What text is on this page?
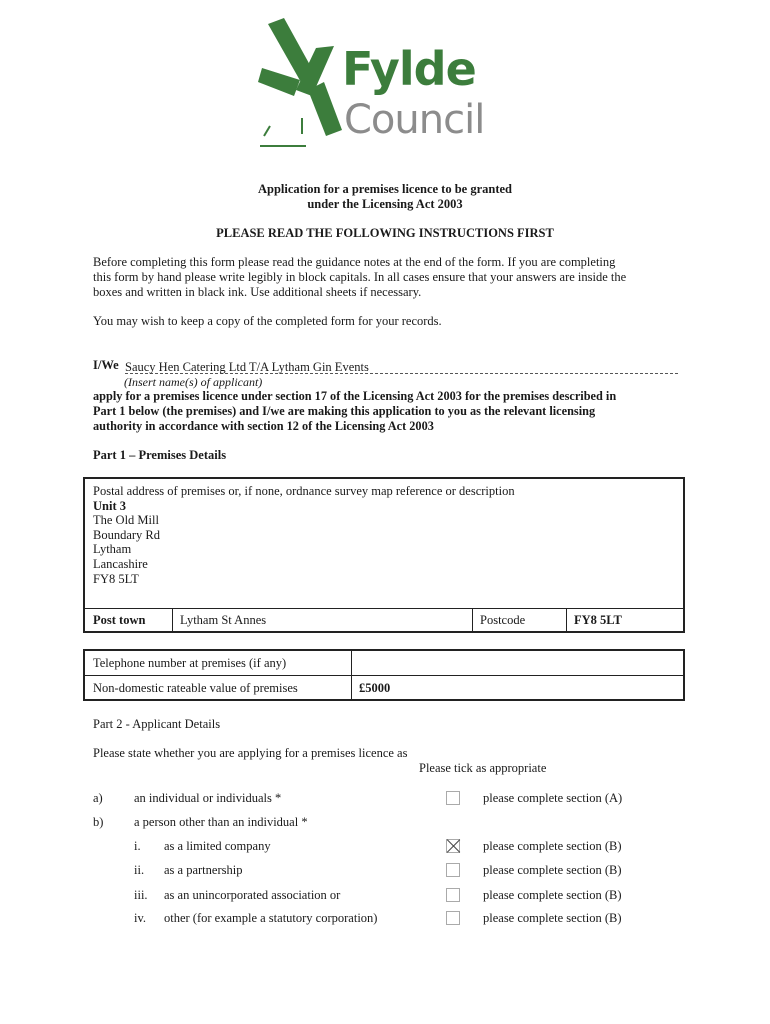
Fylde
Council
Application for a premises licence to be granted
under the Licensing Act 2003
PLEASE READ THE FOLLOWING INSTRUCTIONS FIRST
Before completing this form please read the guidance notes at the end of the form. If you are completing
this form by hand please write legibly in block capitals. In all cases ensure that your answers are inside the
boxes and written in black ink. Use additional sheets if necessary.
You may wish to keep a copy of the completed form for your records.
I/We Saucy Hen Catering Ltd T/A Lytham Gin Events
(Insert name(s) of applicant)
apply for a premises licence under section 17 of the Licensing Act 2003 for the premises described in
Part 1 below (the premises) and I/we are making this application to you as the relevant licensing
authority in accordance with section 12 of the Licensing Act 2003
Part 1 – Premises Details
Postal address of premises or, if none, ordnance survey map reference or description
Unit 3
The Old Mill
Boundary Rd
Lytham
Lancashire
FY8 5LT
Post town	Lytham St Annes	Postcode	FY8 5LT
Telephone number at premises (if any)
Non-domestic rateable value of premises	£5000
Part 2 - Applicant Details
Please state whether you are applying for a premises licence as
Please tick as appropriate
a)	an individual or individuals *	please complete section (A)
b) a person other than an individual *
i. as a limited company	please complete section (B)
ii. as a partnership	please complete section (B)
iii. as an unincorporated association or	please complete section (B)
iv. other (for example a statutory corporation)	please complete section (B)
